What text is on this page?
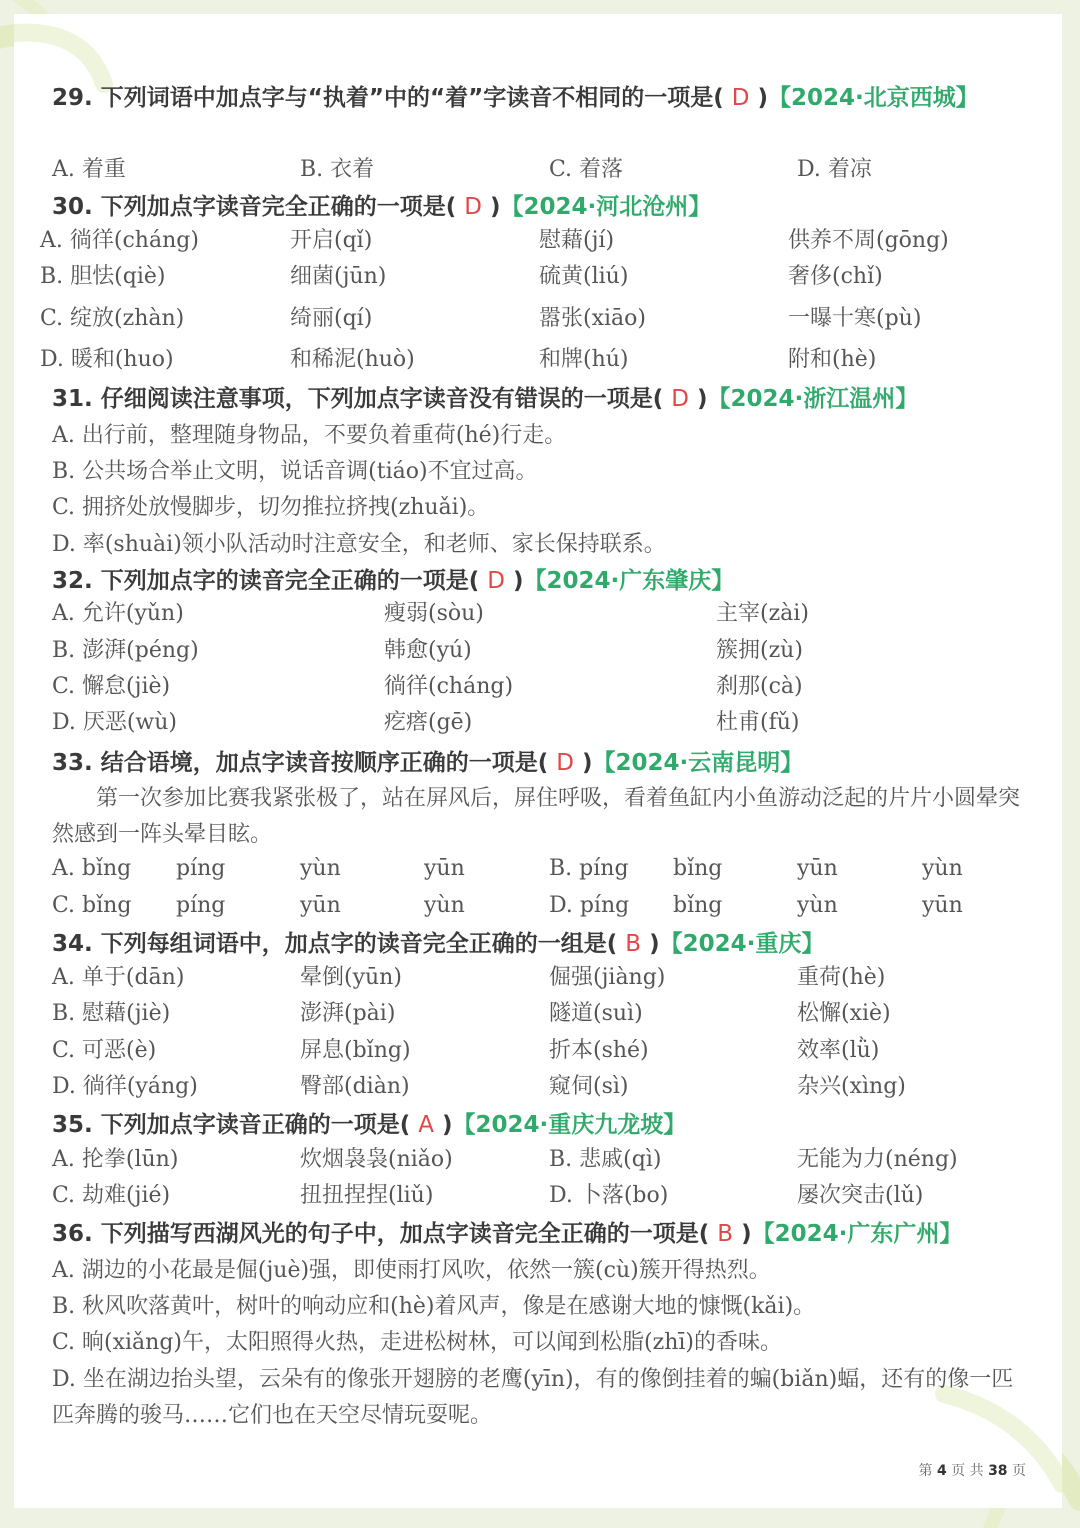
29. 下列词语中加点字与“执着”中的“着”字读音不相同的一项是( D )【2024·北京西城】
A. 着重	B. 衣着	C. 着落	D. 着凉
30. 下列加点字读音完全正确的一项是( D )【2024·河北沧州】
A. 徜徉(cháng)	开启(qǐ)	慰藉(jí)	供养不周(gōng)
B. 胆怯(qiè)	细菌(jūn)	硫黄(liú)	奢侈(chǐ)
C. 绽放(zhàn)	绮丽(qí)	嚣张(xiāo)	一曝十寒(pù)
D. 暖和(huo)	和稀泥(huò)	和牌(hú)	附和(hè)
31. 仔细阅读注意事项，下列加点字读音没有错误的一项是( D )【2024·浙江温州】
A. 出行前，整理随身物品，不要负着重荷(hé)行走。
B. 公共场合举止文明，说话音调(tiáo)不宜过高。
C. 拥挤处放慢脚步，切勿推拉挤拽(zhuǎi)。
D. 率(shuài)领小队活动时注意安全，和老师、家长保持联系。
32. 下列加点字的读音完全正确的一项是( D )【2024·广东肇庆】
A. 允许(yǔn)	瘦弱(sòu)	主宰(zài)
B. 澎湃(péng)	韩愈(yú)	簇拥(zù)
C. 懈怠(jiè)	徜徉(cháng)	刹那(cà)
D. 厌恶(wù)	疙瘩(gē)	杜甫(fǔ)
33. 结合语境，加点字读音按顺序正确的一项是( D )【2024·云南昆明】
第一次参加比赛我紧张极了，站在屏风后，屏住呼吸，看着鱼缸内小鱼游动泛起的片片小圆晕突然感到一阵头晕目眩。
A. bǐng píng	yùn	yūn	B. píng bǐng	yūn	yùn
C. bǐng píng	yūn	yùn	D. píng bǐng	yùn	yūn
34. 下列每组词语中，加点字的读音完全正确的一组是( B )【2024·重庆】
A. 单于(dān)	晕倒(yūn)	倔强(jiàng)	重荷(hè)
B. 慰藉(jiè)	澎湃(pài)	隧道(suì)	松懈(xiè)
C. 可恶(è)	屏息(bǐng)	折本(shé)	效率(lǜ)
D. 徜徉(yáng)	臀部(diàn)	窥伺(sì)	杂兴(xìng)
35. 下列加点字读音正确的一项是( A )【2024·重庆九龙坡】
A. 抡拳(lūn)	炊烟袅袅(niǎo)	B. 悲戚(qì)	无能为力(néng)
C. 劫难(jié)	扭扭捏捏(liǔ)	D. 卜落(bo)	屡次突击(lǔ)
36. 下列描写西湖风光的句子中，加点字读音完全正确的一项是( B )【2024·广东广州】
A. 湖边的小花最是倔(juè)强，即使雨打风吹，依然一簇(cù)簇开得热烈。
B. 秋风吹落黄叶，树叶的响动应和(hè)着风声，像是在感谢大地的慷慨(kǎi)。
C. 晌(xiǎng)午，太阳照得火热，走进松树林，可以闻到松脂(zhī)的香味。
D. 坐在湖边抬头望，云朵有的像张开翅膀的老鹰(yīn)，有的像倒挂着的蝙(biǎn)蝠，还有的像一匹匹奔腾的骏马……它们也在天空尽情玩耍呢。
第 4 页 共 38 页
